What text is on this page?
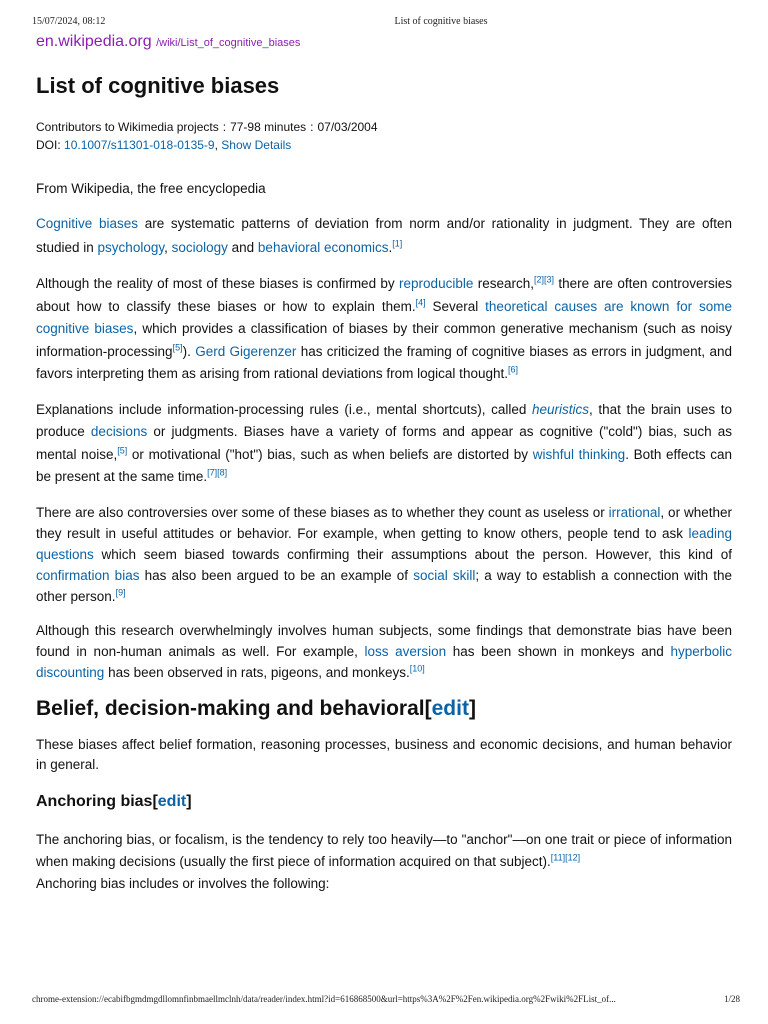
15/07/2024, 08:12	List of cognitive biases
en.wikipedia.org /wiki/List_of_cognitive_biases
List of cognitive biases
Contributors to Wikimedia projects : 77-98 minutes : 07/03/2004
DOI: 10.1007/s11301-018-0135-9, Show Details

From Wikipedia, the free encyclopedia

Cognitive biases are systematic patterns of deviation from norm and/or rationality in judgment. They are often studied in psychology, sociology and behavioral economics.[1]

Although the reality of most of these biases is confirmed by reproducible research,[2][3] there are often controversies about how to classify these biases or how to explain them.[4] Several theoretical causes are known for some cognitive biases, which provides a classification of biases by their common generative mechanism (such as noisy information-processing[5]). Gerd Gigerenzer has criticized the framing of cognitive biases as errors in judgment, and favors interpreting them as arising from rational deviations from logical thought.[6]

Explanations include information-processing rules (i.e., mental shortcuts), called heuristics, that the brain uses to produce decisions or judgments. Biases have a variety of forms and appear as cognitive ("cold") bias, such as mental noise,[5] or motivational ("hot") bias, such as when beliefs are distorted by wishful thinking. Both effects can be present at the same time.[7][8]

There are also controversies over some of these biases as to whether they count as useless or irrational, or whether they result in useful attitudes or behavior. For example, when getting to know others, people tend to ask leading questions which seem biased towards confirming their assumptions about the person. However, this kind of confirmation bias has also been argued to be an example of social skill; a way to establish a connection with the other person.[9]

Although this research overwhelmingly involves human subjects, some findings that demonstrate bias have been found in non-human animals as well. For example, loss aversion has been shown in monkeys and hyperbolic discounting has been observed in rats, pigeons, and monkeys.[10]

Belief, decision-making and behavioral[edit]

These biases affect belief formation, reasoning processes, business and economic decisions, and human behavior in general.

Anchoring bias[edit]

The anchoring bias, or focalism, is the tendency to rely too heavily—to "anchor"—on one trait or piece of information when making decisions (usually the first piece of information acquired on that subject).[11][12]
Anchoring bias includes or involves the following:

chrome-extension://ecabifbgmdmgdllomnfinbmaellmclnh/data/reader/index.html?id=616868500&url=https%3A%2F%2Fen.wikipedia.org%2Fwiki%2FList_of...	1/28
